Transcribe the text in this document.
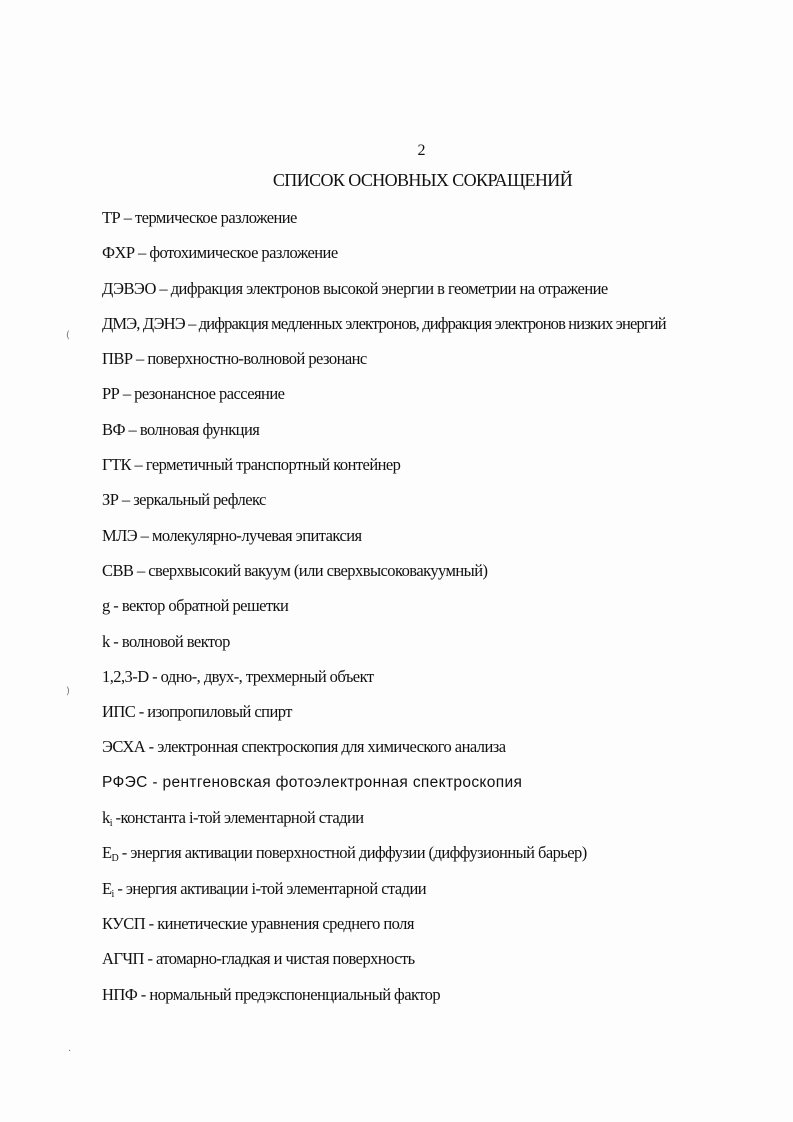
2
СПИСОК ОСНОВНЫХ СОКРАЩЕНИЙ
ТР – термическое разложение
ФХР – фотохимическое разложение
ДЭВЭО – дифракция электронов высокой энергии в геометрии на отражение
ДМЭ, ДЭНЭ – дифракция медленных электронов, дифракция электронов низких энергий
ПВР – поверхностно-волновой резонанс
РР – резонансное рассеяние
ВФ – волновая функция
ГТК – герметичный транспортный контейнер
ЗР – зеркальный рефлекс
МЛЭ – молекулярно-лучевая эпитаксия
СВВ – сверхвысокий вакуум (или сверхвысоковакуумный)
g - вектор обратной решетки
k - волновой вектор
1,2,3-D - одно-, двух-, трехмерный объект
ИПС - изопропиловый спирт
ЭСХА - электронная спектроскопия для химического анализа
РФЭС - рентгеновская фотоэлектронная спектроскопия
$k_i$ -константа i-той элементарной стадии
$E_D$ - энергия активации поверхностной диффузии (диффузионный барьер)
$E_i$ - энергия активации i-той элементарной стадии
КУСП - кинетические уравнения среднего поля
АГЧП - атомарно-гладкая и чистая поверхность
НПФ - нормальный предэкспоненциальный фактор
(
)
·
